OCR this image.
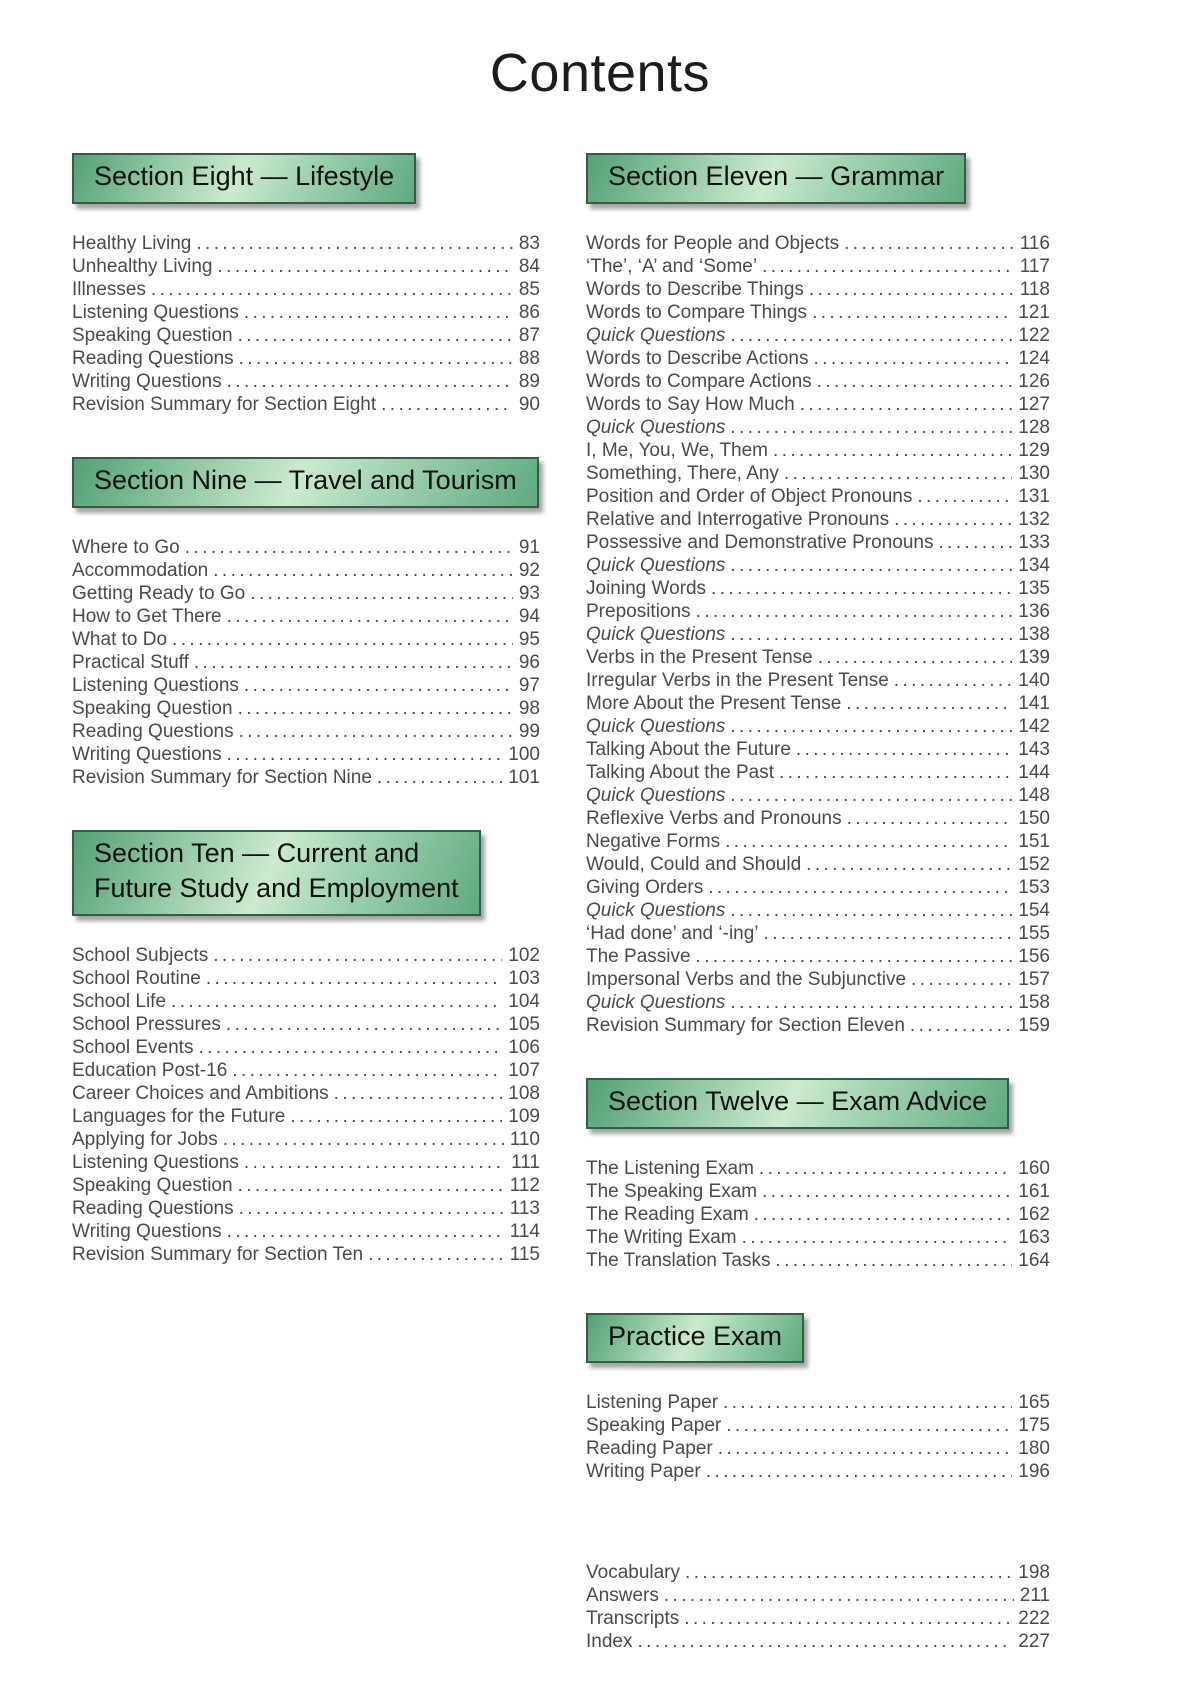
Contents
Section Eight — Lifestyle
Healthy Living .....	83
Unhealthy Living .....	84
Illnesses .....	85
Listening Questions .....	86
Speaking Question .....	87
Reading Questions .....	88
Writing Questions .....	89
Revision Summary for Section Eight .....	90
Section Nine — Travel and Tourism
Where to Go .....	91
Accommodation .....	92
Getting Ready to Go .....	93
How to Get There .....	94
What to Do .....	95
Practical Stuff .....	96
Listening Questions .....	97
Speaking Question .....	98
Reading Questions .....	99
Writing Questions .....	100
Revision Summary for Section Nine .....	101
Section Ten — Current and
Future Study and Employment
School Subjects .....	102
School Routine .....	103
School Life .....	104
School Pressures .....	105
School Events .....	106
Education Post-16 .....	107
Career Choices and Ambitions .....	108
Languages for the Future .....	109
Applying for Jobs .....	110
Listening Questions .....	111
Speaking Question .....	112
Reading Questions .....	113
Writing Questions .....	114
Revision Summary for Section Ten .....	115
Section Eleven — Grammar
Words for People and Objects .....	116
‘The’, ‘A’ and ‘Some’ .....	117
Words to Describe Things .....	118
Words to Compare Things .....	121
Quick Questions .....	122
Words to Describe Actions .....	124
Words to Compare Actions .....	126
Words to Say How Much .....	127
Quick Questions .....	128
I, Me, You, We, Them .....	129
Something, There, Any .....	130
Position and Order of Object Pronouns .....	131
Relative and Interrogative Pronouns .....	132
Possessive and Demonstrative Pronouns .....	133
Quick Questions .....	134
Joining Words .....	135
Prepositions .....	136
Quick Questions .....	138
Verbs in the Present Tense .....	139
Irregular Verbs in the Present Tense .....	140
More About the Present Tense .....	141
Quick Questions .....	142
Talking About the Future .....	143
Talking About the Past .....	144
Quick Questions .....	148
Reflexive Verbs and Pronouns .....	150
Negative Forms .....	151
Would, Could and Should .....	152
Giving Orders .....	153
Quick Questions .....	154
‘Had done’ and ‘-ing’ .....	155
The Passive .....	156
Impersonal Verbs and the Subjunctive .....	157
Quick Questions .....	158
Revision Summary for Section Eleven .....	159
Section Twelve — Exam Advice
The Listening Exam .....	160
The Speaking Exam .....	161
The Reading Exam .....	162
The Writing Exam .....	163
The Translation Tasks .....	164
Practice Exam
Listening Paper .....	165
Speaking Paper .....	175
Reading Paper .....	180
Writing Paper .....	196
Vocabulary .....	198
Answers .....	211
Transcripts .....	222
Index .....	227
